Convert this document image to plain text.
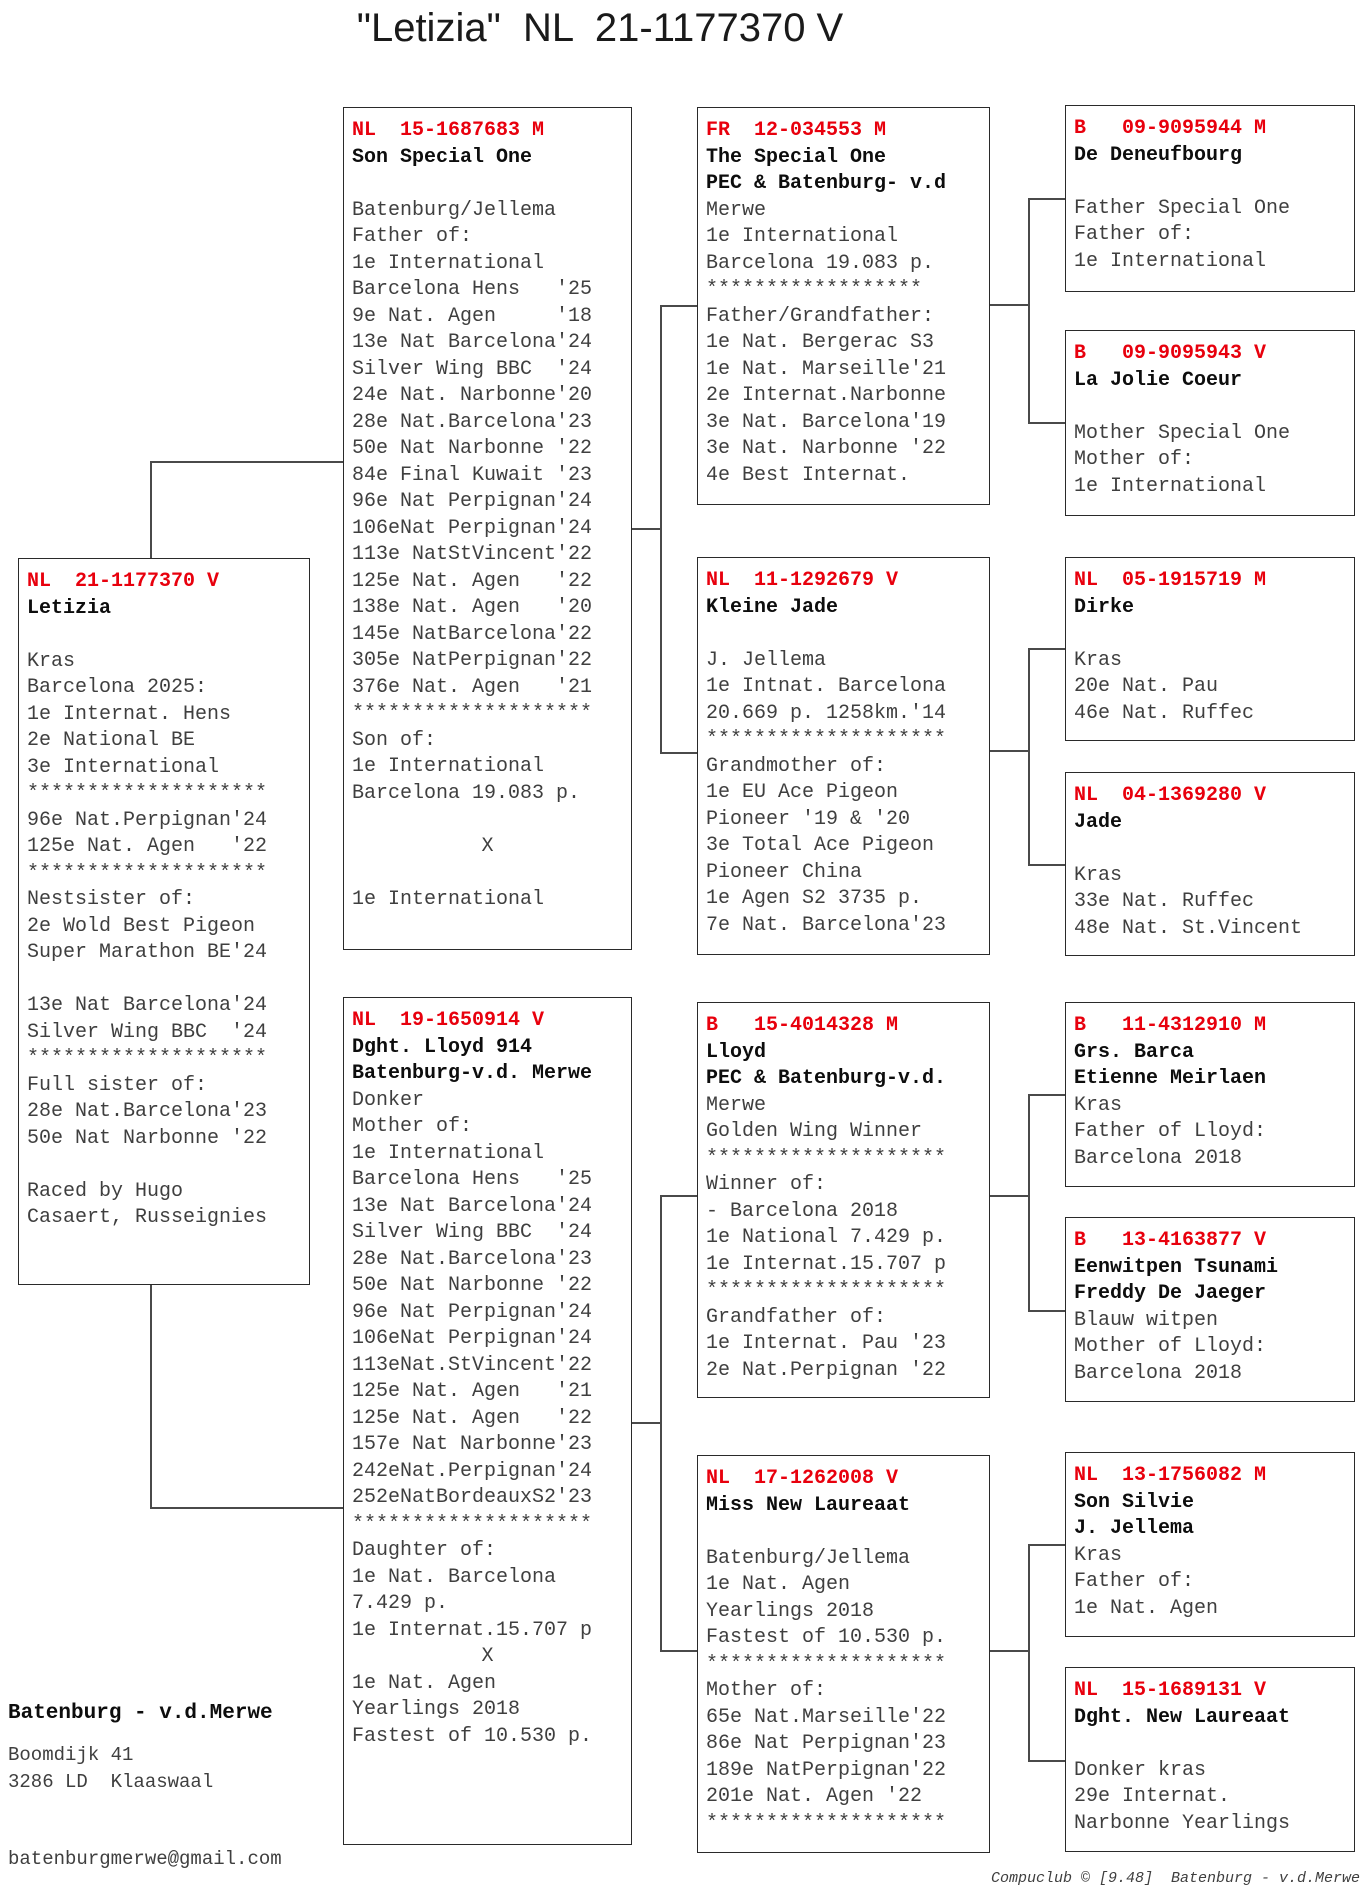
"Letizia"  NL  21-1177370 V
NL  21-1177370 V
Letizia

Kras
Barcelona 2025:
1e Internat. Hens
2e National BE
3e International
********************
96e Nat.Perpignan'24
125e Nat. Agen   '22
********************
Nestsister of:
2e Wold Best Pigeon
Super Marathon BE'24

13e Nat Barcelona'24
Silver Wing BBC  '24
********************
Full sister of:
28e Nat.Barcelona'23
50e Nat Narbonne '22

Raced by Hugo
Casaert, Russeignies
NL  15-1687683 M
Son Special One

Batenburg/Jellema
Father of:
1e International
Barcelona Hens   '25
9e Nat. Agen     '18
13e Nat Barcelona'24
Silver Wing BBC  '24
24e Nat. Narbonne'20
28e Nat.Barcelona'23
50e Nat Narbonne '22
84e Final Kuwait '23
96e Nat Perpignan'24
106eNat Perpignan'24
113e NatStVincent'22
125e Nat. Agen   '22
138e Nat. Agen   '20
145e NatBarcelona'22
305e NatPerpignan'22
376e Nat. Agen   '21
********************
Son of:
1e International
Barcelona 19.083 p.

X

1e International
NL  19-1650914 V
Dght. Lloyd 914
Batenburg-v.d. Merwe
Donker
Mother of:
1e International
Barcelona Hens   '25
13e Nat Barcelona'24
Silver Wing BBC  '24
28e Nat.Barcelona'23
50e Nat Narbonne '22
96e Nat Perpignan'24
106eNat Perpignan'24
113eNat.StVincent'22
125e Nat. Agen   '21
125e Nat. Agen   '22
157e Nat Narbonne'23
242eNat.Perpignan'24
252eNatBordeauxS2'23
********************
Daughter of:
1e Nat. Barcelona
7.429 p.
1e Internat.15.707 p
X
1e Nat. Agen
Yearlings 2018
Fastest of 10.530 p.
FR  12-034553 M
The Special One
PEC & Batenburg- v.d
Merwe
1e International
Barcelona 19.083 p.
******************
Father/Grandfather:
1e Nat. Bergerac S3
1e Nat. Marseille'21
2e Internat.Narbonne
3e Nat. Barcelona'19
3e Nat. Narbonne '22
4e Best Internat.
NL  11-1292679 V
Kleine Jade

J. Jellema
1e Intnat. Barcelona
20.669 p. 1258km.'14
********************
Grandmother of:
1e EU Ace Pigeon
Pioneer '19 & '20
3e Total Ace Pigeon
Pioneer China
1e Agen S2 3735 p.
7e Nat. Barcelona'23
B   15-4014328 M
Lloyd
PEC & Batenburg-v.d.
Merwe
Golden Wing Winner
********************
Winner of:
- Barcelona 2018
1e National 7.429 p.
1e Internat.15.707 p
********************
Grandfather of:
1e Internat. Pau '23
2e Nat.Perpignan '22
NL  17-1262008 V
Miss New Laureaat

Batenburg/Jellema
1e Nat. Agen
Yearlings 2018
Fastest of 10.530 p.
********************
Mother of:
65e Nat.Marseille'22
86e Nat Perpignan'23
189e NatPerpignan'22
201e Nat. Agen '22
********************
B   09-9095944 M
De Deneufbourg

Father Special One
Father of:
1e International
B   09-9095943 V
La Jolie Coeur

Mother Special One
Mother of:
1e International
NL  05-1915719 M
Dirke

Kras
20e Nat. Pau
46e Nat. Ruffec
NL  04-1369280 V
Jade

Kras
33e Nat. Ruffec
48e Nat. St.Vincent
B   11-4312910 M
Grs. Barca
Etienne Meirlaen
Kras
Father of Lloyd:
Barcelona 2018
B   13-4163877 V
Eenwitpen Tsunami
Freddy De Jaeger
Blauw witpen
Mother of Lloyd:
Barcelona 2018
NL  13-1756082 M
Son Silvie
J. Jellema
Kras
Father of:
1e Nat. Agen
NL  15-1689131 V
Dght. New Laureaat

Donker kras
29e Internat.
Narbonne Yearlings
Batenburg - v.d.Merwe
Boomdijk 41
3286 LD  Klaaswaal
batenburgmerwe@gmail.com
Compuclub © [9.48]  Batenburg - v.d.Merwe
